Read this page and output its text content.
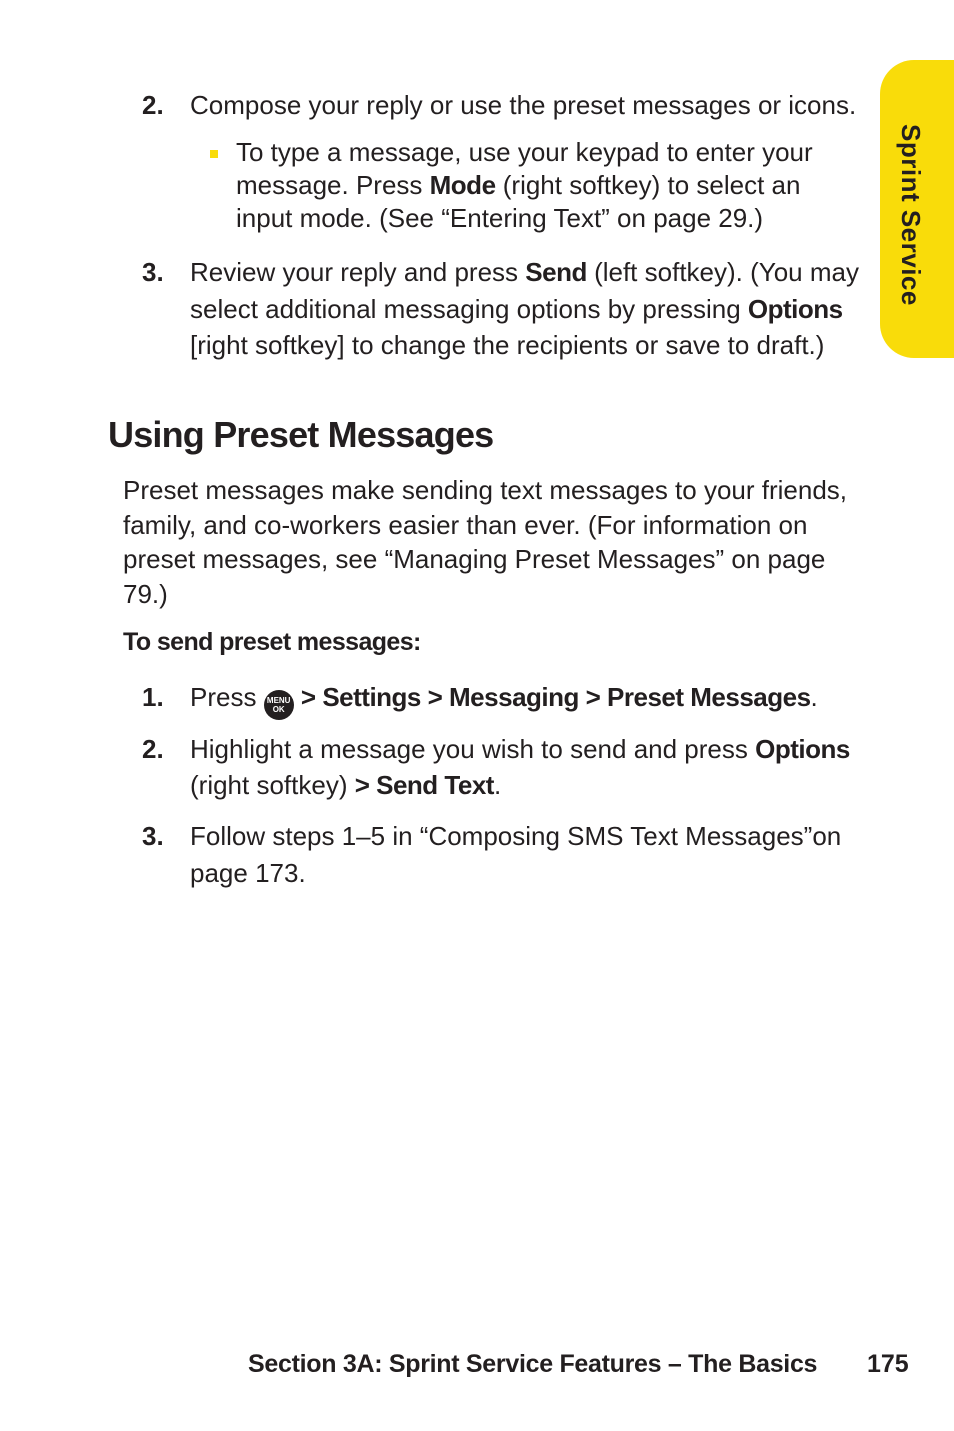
Sprint Service
2. Compose your reply or use the preset messages or icons.
To type a message, use your keypad to enter your message. Press Mode (right softkey) to select an input mode. (See “Entering Text” on page 29.)
3. Review your reply and press Send (left softkey). (You may select additional messaging options by pressing Options [right softkey] to change the recipients or save to draft.)
Using Preset Messages
Preset messages make sending text messages to your friends, family, and co-workers easier than ever. (For information on preset messages, see “Managing Preset Messages” on page 79.)
To send preset messages:
1. Press MENU
OK > Settings > Messaging > Preset Messages.
2. Highlight a message you wish to send and press Options (right softkey) > Send Text.
3. Follow steps 1–5 in “Composing SMS Text Messages”on page 173.
Section 3A: Sprint Service Features – The Basics 175
